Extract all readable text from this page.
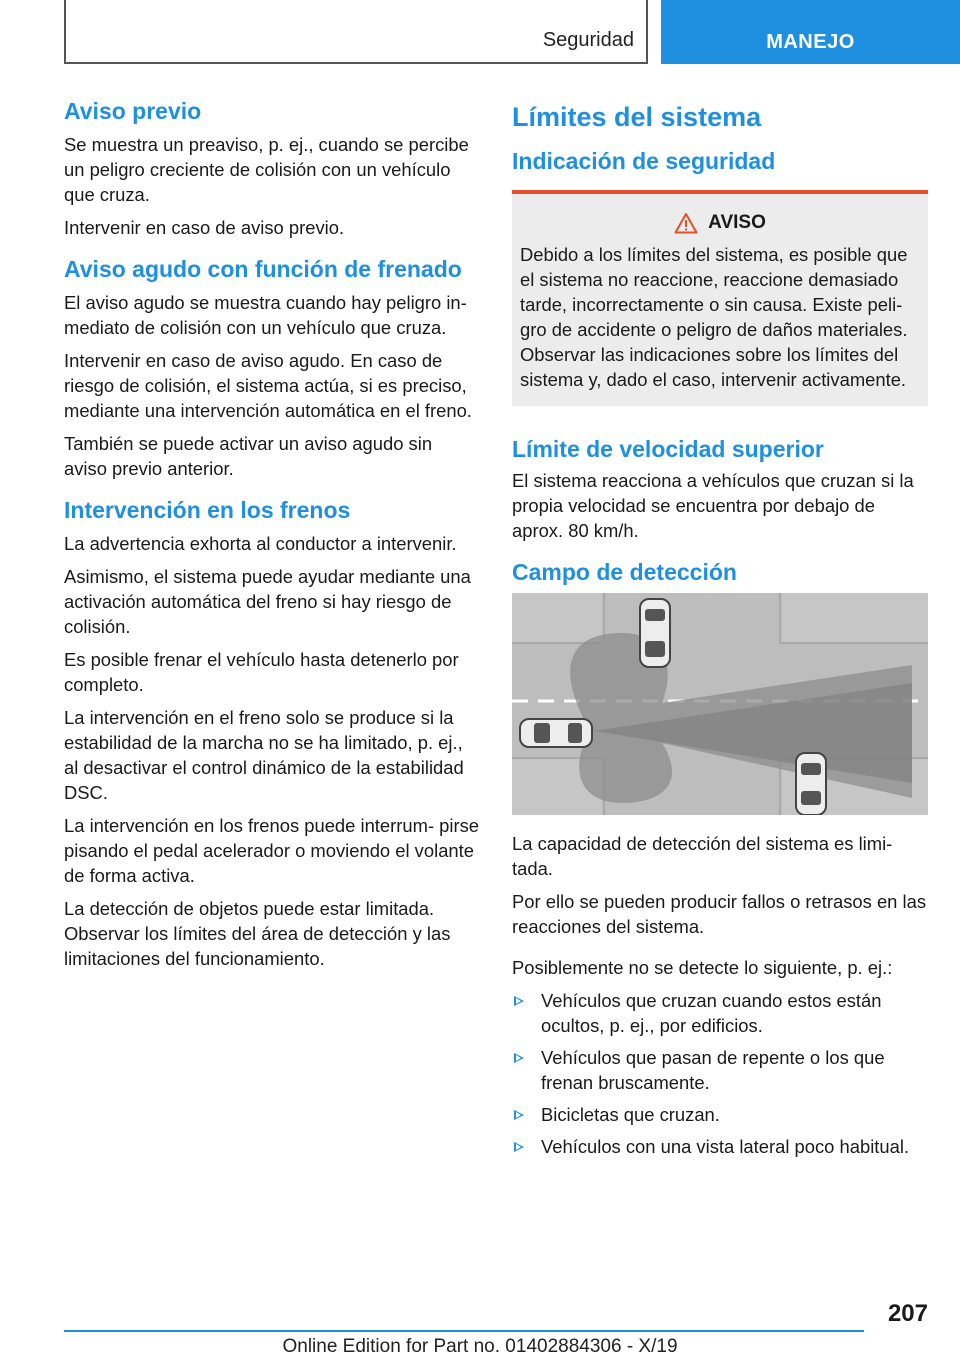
Seguridad	MANEJO
Aviso previo

Se muestra un preaviso, p. ej., cuando se percibe un peligro creciente de colisión con un vehículo que cruza.

Intervenir en caso de aviso previo.

Aviso agudo con función de frenado

El aviso agudo se muestra cuando hay peligro in‐ mediato de colisión con un vehículo que cruza.

Intervenir en caso de aviso agudo. En caso de riesgo de colisión, el sistema actúa, si es preciso, mediante una intervención automática en el freno.

También se puede activar un aviso agudo sin aviso previo anterior.

Intervención en los frenos

La advertencia exhorta al conductor a intervenir.

Asimismo, el sistema puede ayudar mediante una activación automática del freno si hay riesgo de colisión.

Es posible frenar el vehículo hasta detenerlo por completo.

La intervención en el freno solo se produce si la estabilidad de la marcha no se ha limitado, p. ej., al desactivar el control dinámico de la estabilidad DSC.

La intervención en los frenos puede interrum‐ pirse pisando el pedal acelerador o moviendo el volante de forma activa.

La detección de objetos puede estar limitada. Observar los límites del área de detección y las limitaciones del funcionamiento.

Límites del sistema
Indicación de seguridad
AVISO

Debido a los límites del sistema, es posible que el sistema no reaccione, reaccione demasiado tarde, incorrectamente o sin causa. Existe peli‐ gro de accidente o peligro de daños materiales. Observar las indicaciones sobre los límites del sistema y, dado el caso, intervenir activamente.

Límite de velocidad superior

El sistema reacciona a vehículos que cruzan si la propia velocidad se encuentra por debajo de aprox. 80 km/h.

Campo de detección

La capacidad de detección del sistema es limi‐ tada.

Por ello se pueden producir fallos o retrasos en las reacciones del sistema.

Posiblemente no se detecte lo siguiente, p. ej.:

Vehículos que cruzan cuando estos están ocultos, p. ej., por edificios.
Vehículos que pasan de repente o los que frenan bruscamente.
Bicicletas que cruzan.
Vehículos con una vista lateral poco habitual.
207
Online Edition for Part no. 01402884306 - X/19
